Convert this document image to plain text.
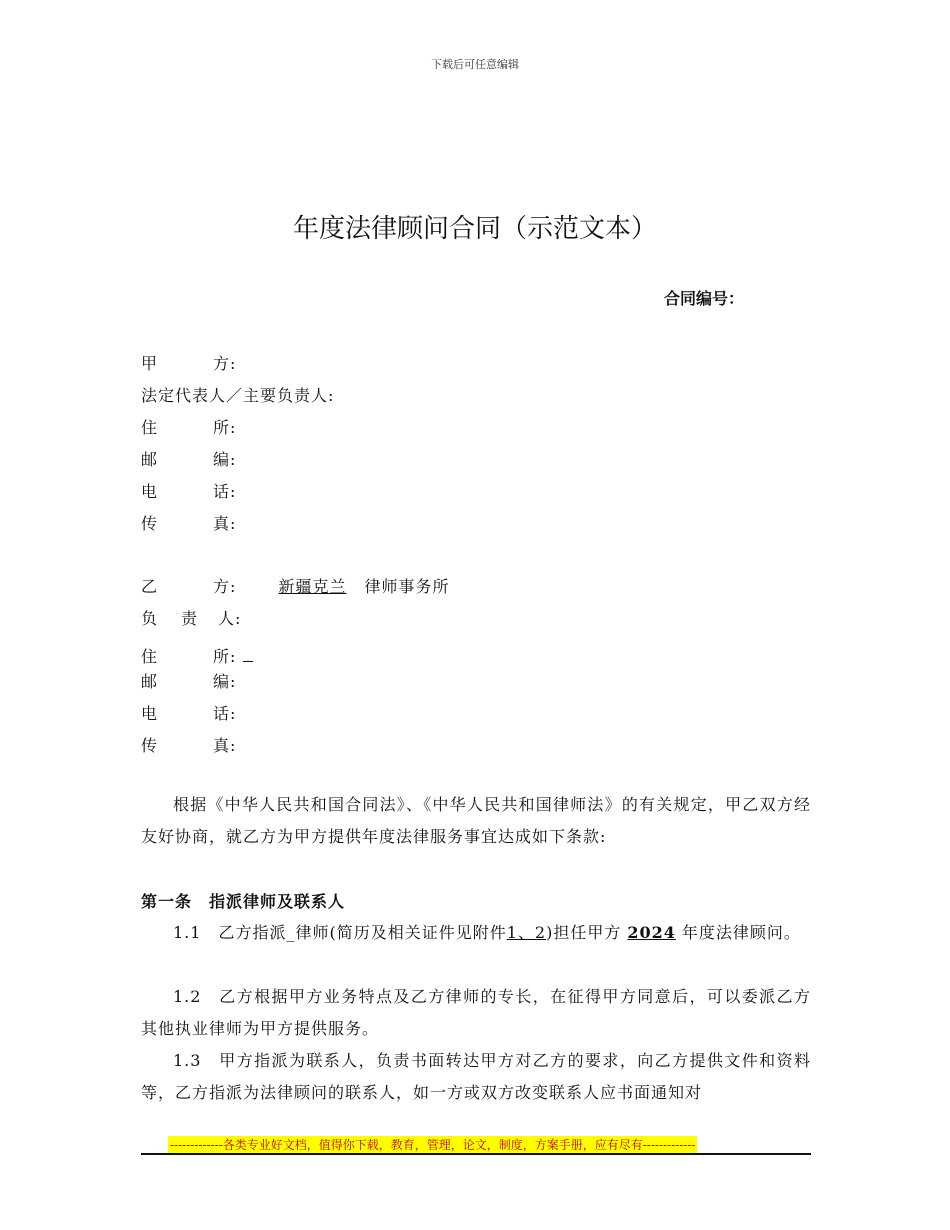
下载后可任意编辑
年度法律顾问合同（示范文本）
合同编号：
甲	方:
法定代表人／主要负责人:
住	所:
邮	编:
电	话:
传	真:
乙	方:	新疆克兰 律师事务所
负 责 人:
住	所:
邮	编:
电	话:
传	真:
根据《中华人民共和国合同法》、《中华人民共和国律师法》的有关规定，甲乙双方经友好协商，就乙方为甲方提供年度法律服务事宜达成如下条款:
第一条　指派律师及联系人
1.1　乙方指派_律师(简历及相关证件见附件1、2)担任甲方 2024 年度法律顾问。
1.2　乙方根据甲方业务特点及乙方律师的专长，在征得甲方同意后，可以委派乙方其他执业律师为甲方提供服务。
1.3　甲方指派为联系人，负责书面转达甲方对乙方的要求，向乙方提供文件和资料等，乙方指派为法律顾问的联系人，如一方或双方改变联系人应书面通知对
-------------各类专业好文档，值得你下载，教育，管理，论文，制度，方案手册，应有尽有-------------
